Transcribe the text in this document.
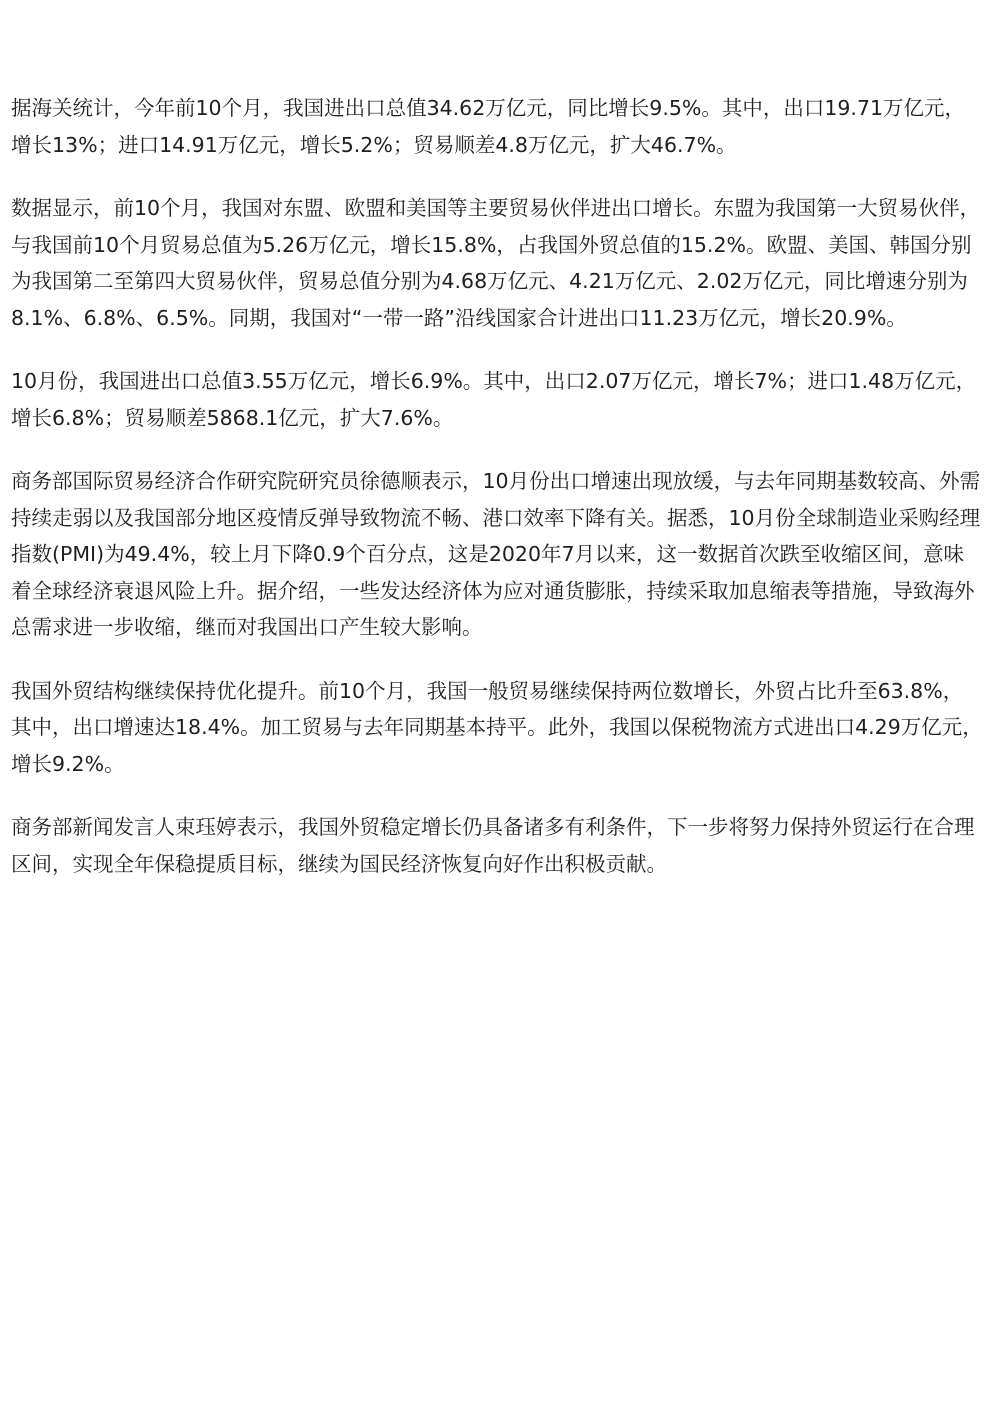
据海关统计，今年前10个月，我国进出口总值34.62万亿元，同比增长9.5%。其中，出口19.71万亿元，增长13%；进口14.91万亿元，增长5.2%；贸易顺差4.8万亿元，扩大46.7%。

数据显示，前10个月，我国对东盟、欧盟和美国等主要贸易伙伴进出口增长。东盟为我国第一大贸易伙伴，与我国前10个月贸易总值为5.26万亿元，增长15.8%，占我国外贸总值的15.2%。欧盟、美国、韩国分别为我国第二至第四大贸易伙伴，贸易总值分别为4.68万亿元、4.21万亿元、2.02万亿元，同比增速分别为8.1%、6.8%、6.5%。同期，我国对“一带一路”沿线国家合计进出口11.23万亿元，增长20.9%。

10月份，我国进出口总值3.55万亿元，增长6.9%。其中，出口2.07万亿元，增长7%；进口1.48万亿元，增长6.8%；贸易顺差5868.1亿元，扩大7.6%。

商务部国际贸易经济合作研究院研究员徐德顺表示，10月份出口增速出现放缓，与去年同期基数较高、外需持续走弱以及我国部分地区疫情反弹导致物流不畅、港口效率下降有关。据悉，10月份全球制造业采购经理指数(PMI)为49.4%，较上月下降0.9个百分点，这是2020年7月以来，这一数据首次跌至收缩区间，意味着全球经济衰退风险上升。据介绍，一些发达经济体为应对通货膨胀，持续采取加息缩表等措施，导致海外总需求进一步收缩，继而对我国出口产生较大影响。

我国外贸结构继续保持优化提升。前10个月，我国一般贸易继续保持两位数增长，外贸占比升至63.8%，其中，出口增速达18.4%。加工贸易与去年同期基本持平。此外，我国以保税物流方式进出口4.29万亿元，增长9.2%。

商务部新闻发言人束珏婷表示，我国外贸稳定增长仍具备诸多有利条件，下一步将努力保持外贸运行在合理区间，实现全年保稳提质目标，继续为国民经济恢复向好作出积极贡献。
